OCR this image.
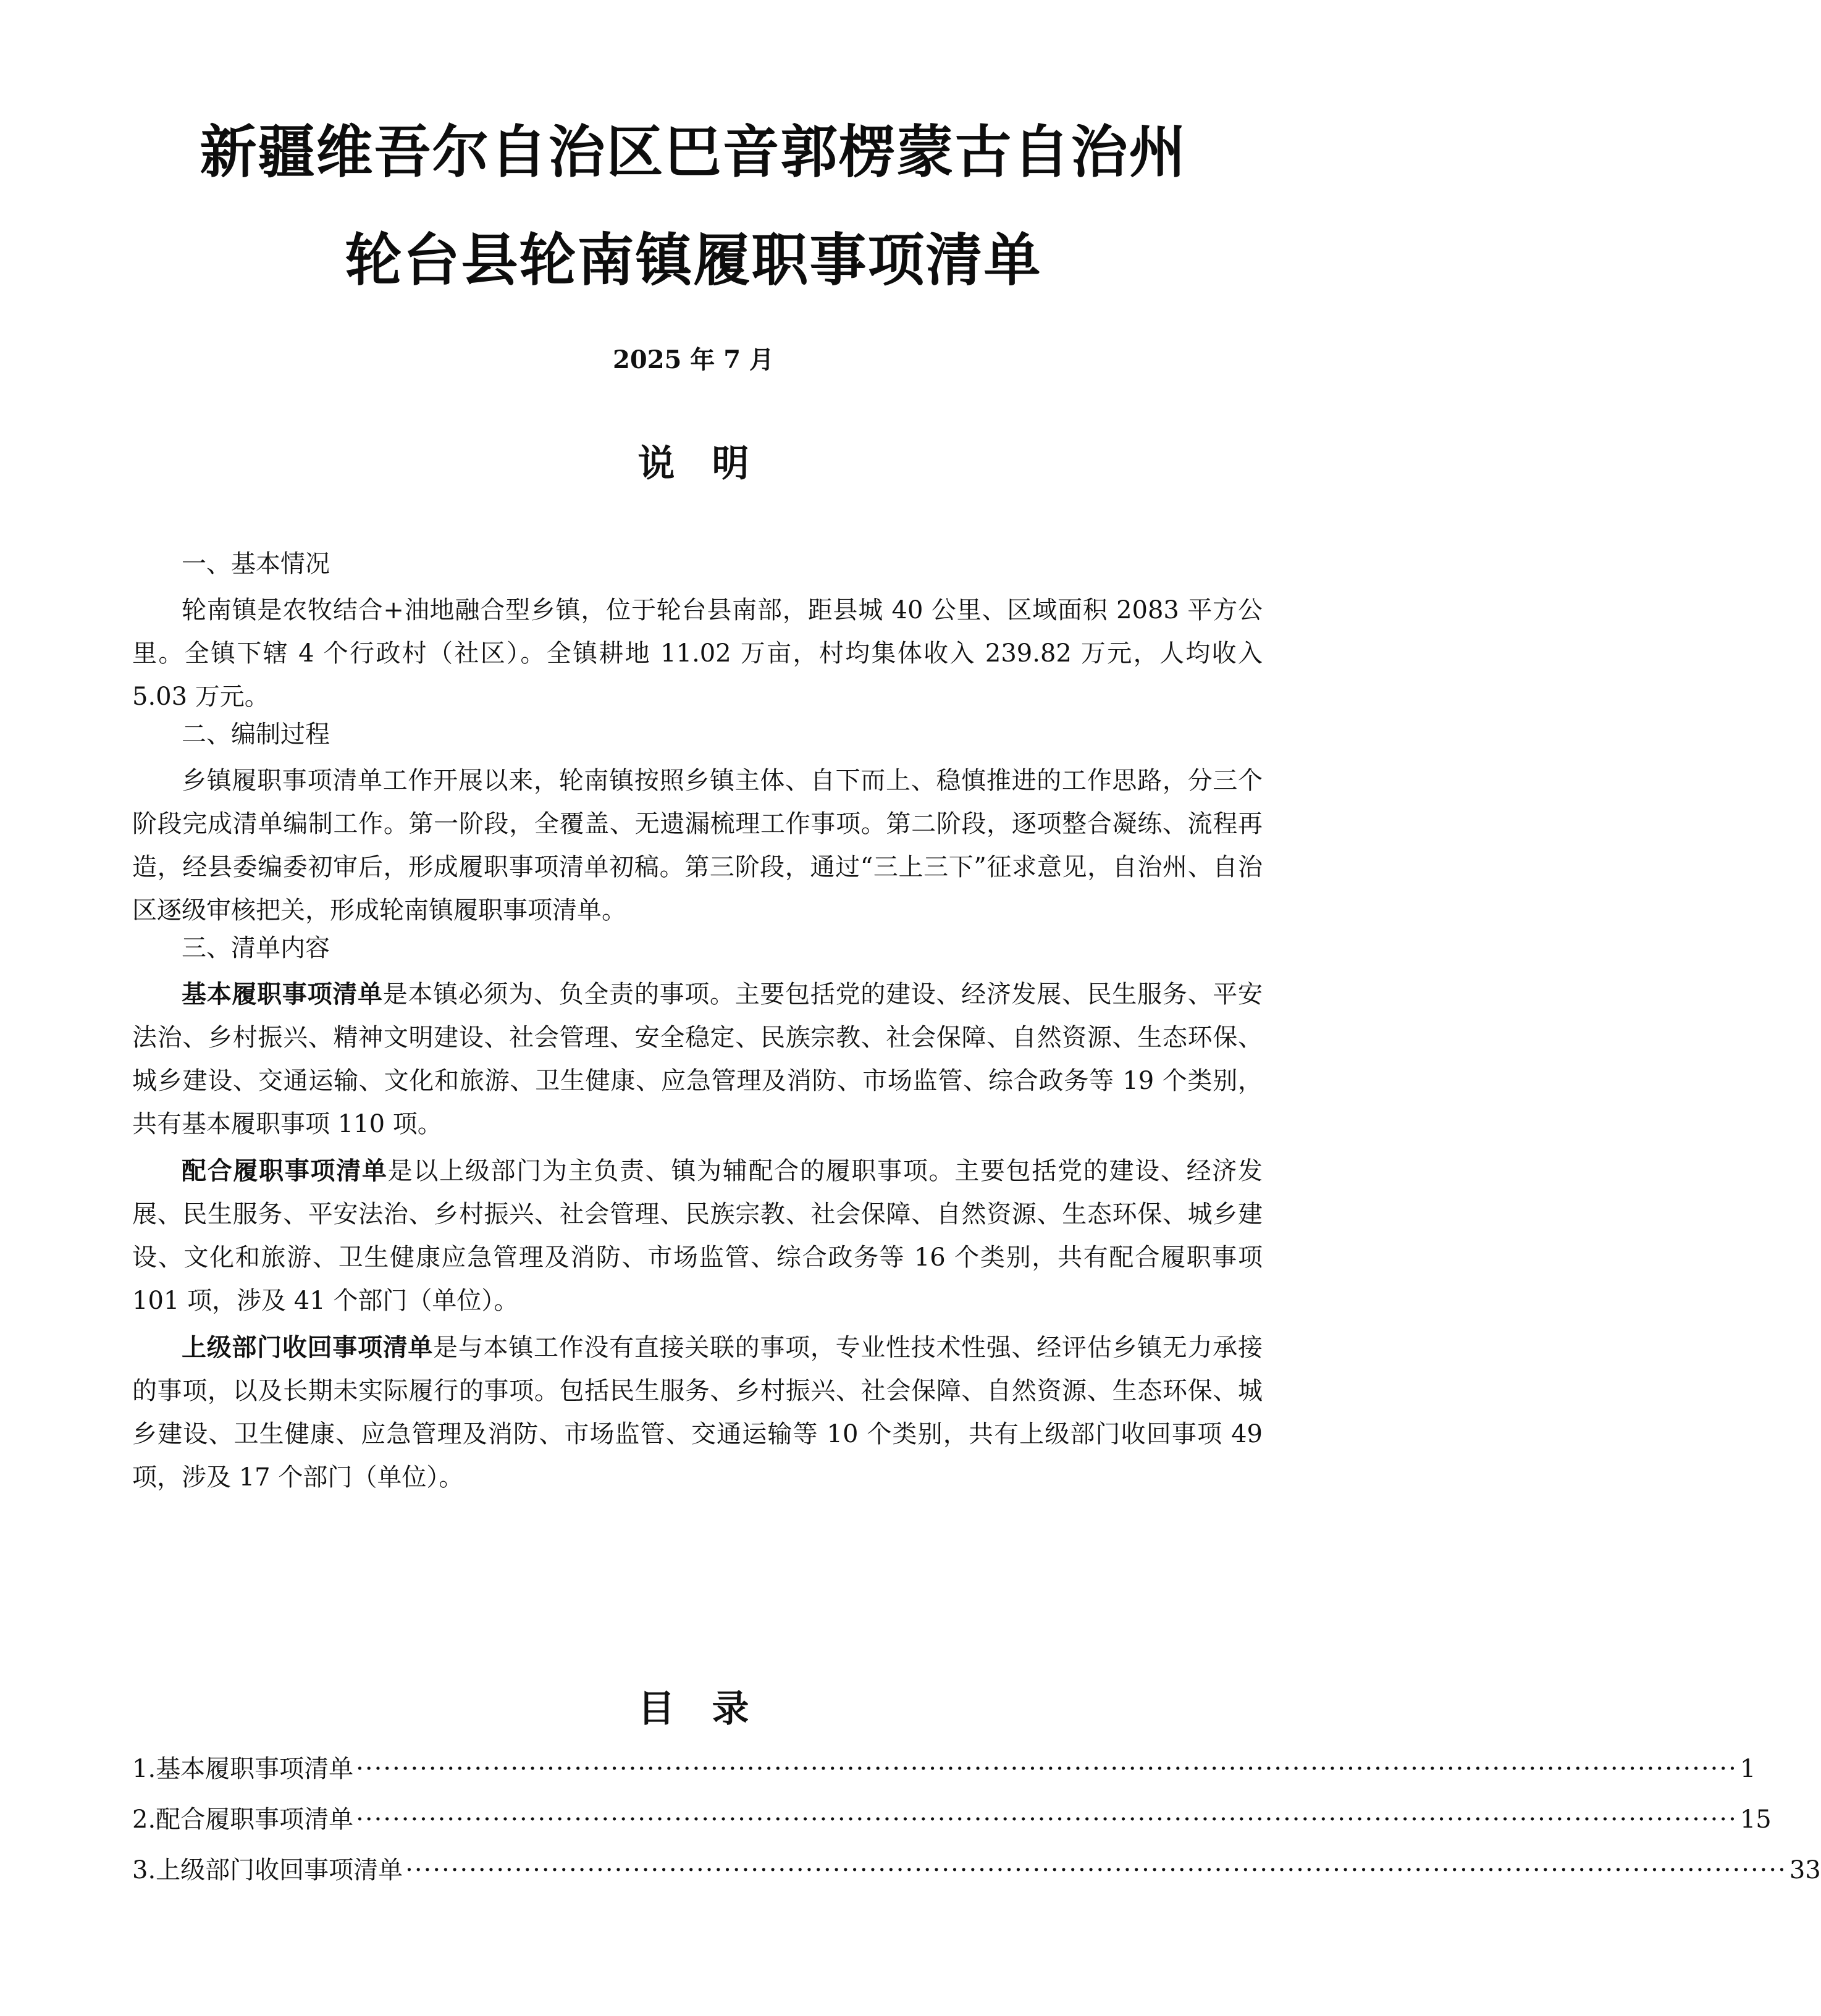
新疆维吾尔自治区巴音郭楞蒙古自治州
轮台县轮南镇履职事项清单
2025 年 7 月
说明
一、基本情况

轮南镇是农牧结合+油地融合型乡镇，位于轮台县南部，距县城 40 公里、区域面积 2083 平方公里。全镇下辖 4 个行政村（社区）。全镇耕地 11.02 万亩，村均集体收入 239.82 万元，人均收入 5.03 万元。

二、编制过程

乡镇履职事项清单工作开展以来，轮南镇按照乡镇主体、自下而上、稳慎推进的工作思路，分三个阶段完成清单编制工作。第一阶段，全覆盖、无遗漏梳理工作事项。第二阶段，逐项整合凝练、流程再造，经县委编委初审后，形成履职事项清单初稿。第三阶段，通过“三上三下”征求意见，自治州、自治区逐级审核把关，形成轮南镇履职事项清单。

三、清单内容

基本履职事项清单是本镇必须为、负全责的事项。主要包括党的建设、经济发展、民生服务、平安法治、乡村振兴、精神文明建设、社会管理、安全稳定、民族宗教、社会保障、自然资源、生态环保、城乡建设、交通运输、文化和旅游、卫生健康、应急管理及消防、市场监管、综合政务等 19 个类别，共有基本履职事项 110 项。

配合履职事项清单是以上级部门为主负责、镇为辅配合的履职事项。主要包括党的建设、经济发展、民生服务、平安法治、乡村振兴、社会管理、民族宗教、社会保障、自然资源、生态环保、城乡建设、文化和旅游、卫生健康应急管理及消防、市场监管、综合政务等 16 个类别，共有配合履职事项 101 项，涉及 41 个部门（单位）。

上级部门收回事项清单是与本镇工作没有直接关联的事项，专业性技术性强、经评估乡镇无力承接的事项，以及长期未实际履行的事项。包括民生服务、乡村振兴、社会保障、自然资源、生态环保、城乡建设、卫生健康、应急管理及消防、市场监管、交通运输等 10 个类别，共有上级部门收回事项 49 项，涉及 17 个部门（单位）。

目录
1.基本履职事项清单 ························································································································································ 1
2.配合履职事项清单 ························································································································································ 15
3.上级部门收回事项清单 ························································································································································ 33
